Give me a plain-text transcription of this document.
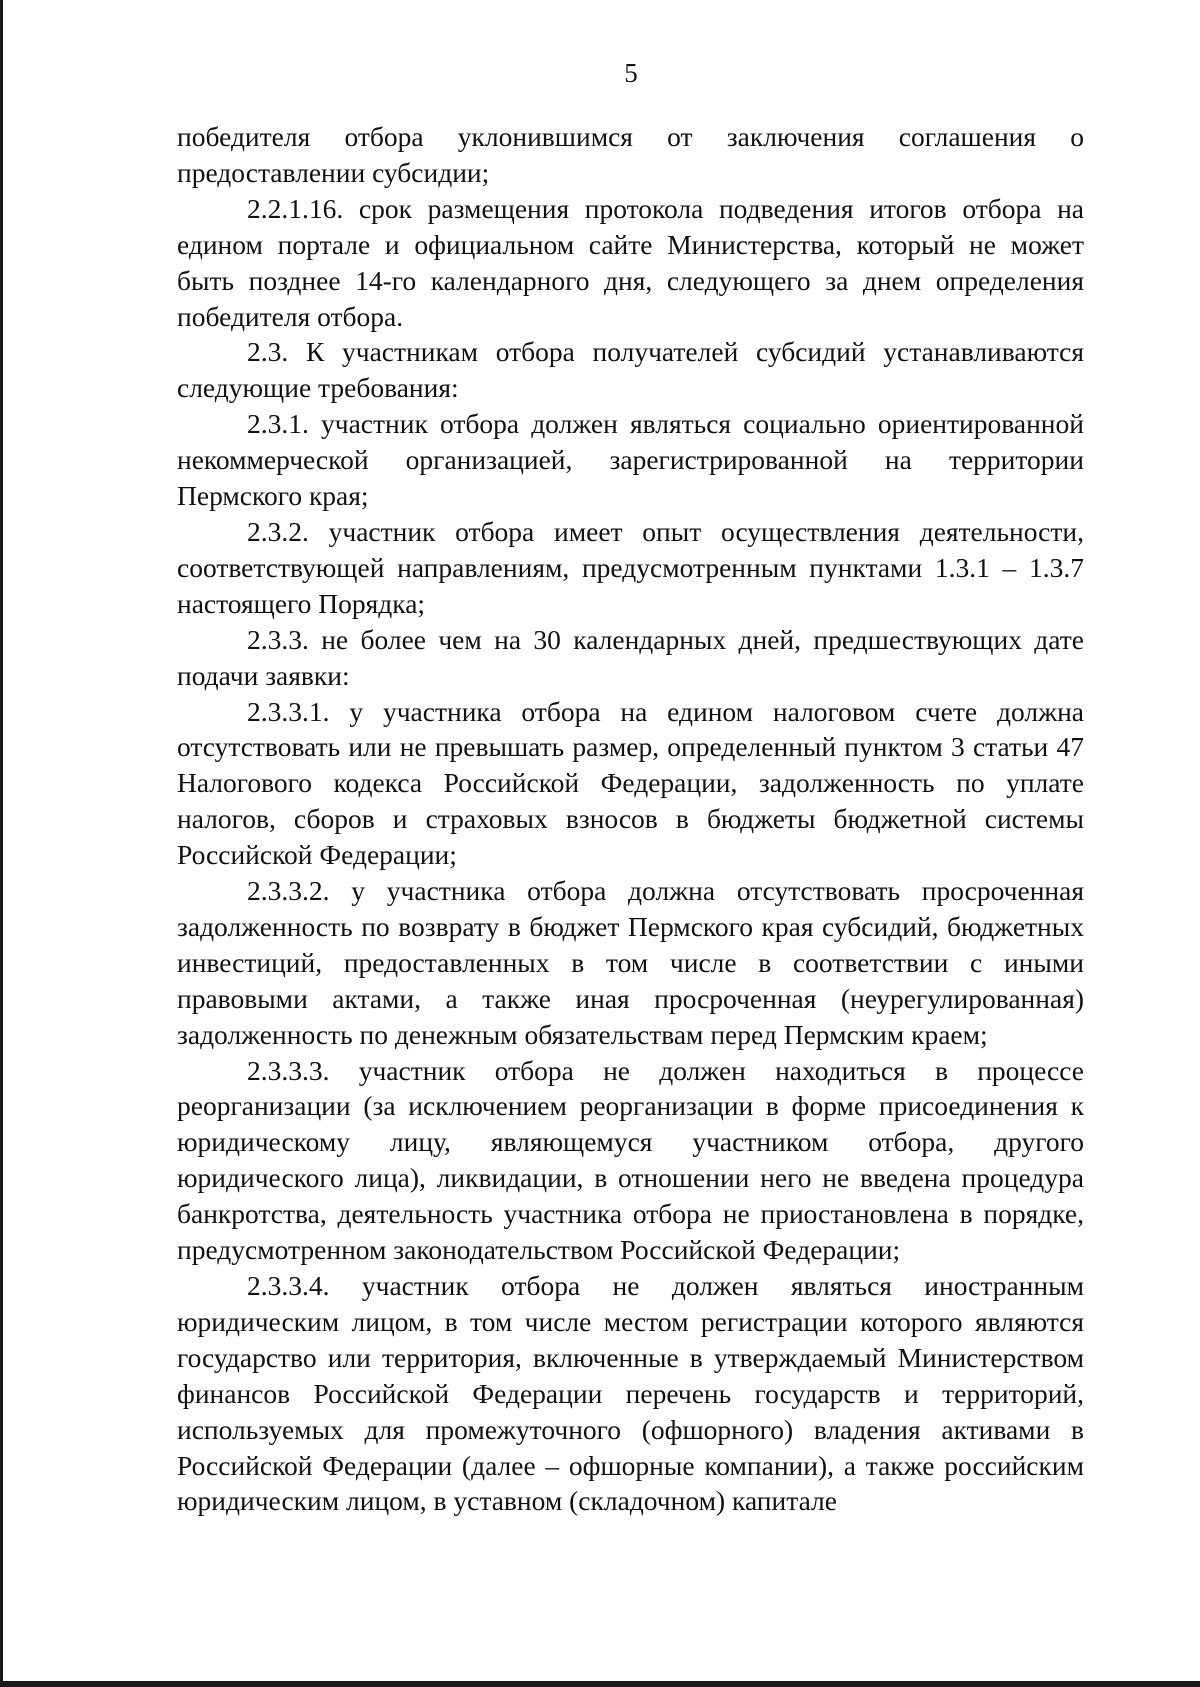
5

победителя отбора уклонившимся от заключения соглашения о предоставлении субсидии;

2.2.1.16. срок размещения протокола подведения итогов отбора на едином портале и официальном сайте Министерства, который не может быть позднее 14-го календарного дня, следующего за днем определения победителя отбора.

2.3. К участникам отбора получателей субсидий устанавливаются следующие требования:

2.3.1. участник отбора должен являться социально ориентированной некоммерческой организацией, зарегистрированной на территории Пермского края;

2.3.2. участник отбора имеет опыт осуществления деятельности, соответствующей направлениям, предусмотренным пунктами 1.3.1 – 1.3.7 настоящего Порядка;

2.3.3. не более чем на 30 календарных дней, предшествующих дате подачи заявки:

2.3.3.1. у участника отбора на едином налоговом счете должна отсутствовать или не превышать размер, определенный пунктом 3 статьи 47 Налогового кодекса Российской Федерации, задолженность по уплате налогов, сборов и страховых взносов в бюджеты бюджетной системы Российской Федерации;

2.3.3.2. у участника отбора должна отсутствовать просроченная задолженность по возврату в бюджет Пермского края субсидий, бюджетных инвестиций, предоставленных в том числе в соответствии с иными правовыми актами, а также иная просроченная (неурегулированная) задолженность по денежным обязательствам перед Пермским краем;

2.3.3.3. участник отбора не должен находиться в процессе реорганизации (за исключением реорганизации в форме присоединения к юридическому лицу, являющемуся участником отбора, другого юридического лица), ликвидации, в отношении него не введена процедура банкротства, деятельность участника отбора не приостановлена в порядке, предусмотренном законодательством Российской Федерации;

2.3.3.4. участник отбора не должен являться иностранным юридическим лицом, в том числе местом регистрации которого являются государство или территория, включенные в утверждаемый Министерством финансов Российской Федерации перечень государств и территорий, используемых для промежуточного (офшорного) владения активами в Российской Федерации (далее – офшорные компании), а также российским юридическим лицом, в уставном (складочном) капитале
